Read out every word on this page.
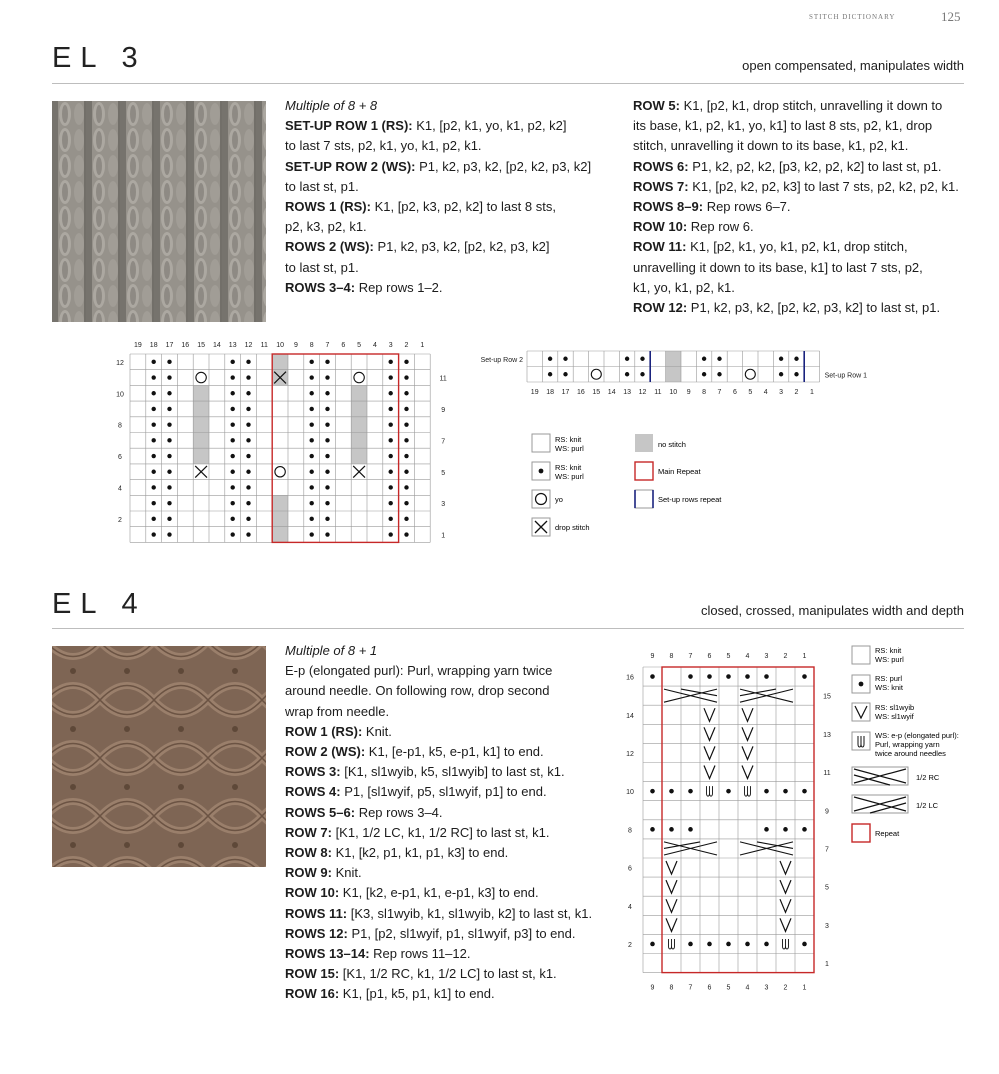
STITCH DICTIONARY	125
EL 3	open compensated, manipulates width

Multiple of 8 + 8

SET-UP ROW 1 (RS): K1, [p2, k1, yo, k1, p2, k2]

to last 7 sts, p2, k1, yo, k1, p2, k1.

SET-UP ROW 2 (WS): P1, k2, p3, k2, [p2, k2, p3, k2]

to last st, p1.

ROWS 1 (RS): K1, [p2, k3, p2, k2] to last 8 sts,

p2, k3, p2, k1.

ROWS 2 (WS): P1, k2, p3, k2, [p2, k2, p3, k2]

to last st, p1.

ROWS 3–4: Rep rows 1–2.

ROW 5: K1, [p2, k1, drop stitch, unravelling it down to

its base, k1, p2, k1, yo, k1] to last 8 sts, p2, k1, drop

stitch, unravelling it down to its base, k1, p2, k1.

ROWS 6: P1, k2, p2, k2, [p3, k2, p2, k2] to last st, p1.

ROWS 7: K1, [p2, k2, p2, k3] to last 7 sts, p2, k2, p2, k1.

ROWS 8–9: Rep rows 6–7.

ROW 10: Rep row 6.

ROW 11: K1, [p2, k1, yo, k1, p2, k1, drop stitch,

unravelling it down to its base, k1] to last 7 sts, p2,

k1, yo, k1, p2, k1.

ROW 12: P1, k2, p3, k2, [p2, k2, p3, k2] to last st, p1.

19 18 17 16 15 14 13 12 11 10 9 8 7 6 5 4 3 2 1
12
10
8
6
4
2
11
9
7
5
3
1
Set-up Row 2
Set-up Row 1
19 18 17 16 15 14 13 12 11 10 9 8 7 6 5 4 3 2 1
RS: knit
WS: purl
RS: knit
WS: purl
yo
drop stitch
no stitch
Main Repeat
Set-up rows repeat
EL 4	closed, crossed, manipulates width and depth

Multiple of 8 + 1

E-p (elongated purl): Purl, wrapping yarn twice

around needle. On following row, drop second

wrap from needle.

ROW 1 (RS): Knit.

ROW 2 (WS): K1, [e-p1, k5, e-p1, k1] to end.

ROWS 3: [K1, sl1wyib, k5, sl1wyib] to last st, k1.

ROWS 4: P1, [sl1wyif, p5, sl1wyif, p1] to end.

ROWS 5–6: Rep rows 3–4.

ROW 7: [K1, 1/2 LC, k1, 1/2 RC] to last st, k1.

ROW 8: K1, [k2, p1, k1, p1, k3] to end.

ROW 9: Knit.

ROW 10: K1, [k2, e-p1, k1, e-p1, k3] to end.

ROWS 11: [K3, sl1wyib, k1, sl1wyib, k2] to last st, k1.

ROWS 12: P1, [p2, sl1wyif, p1, sl1wyif, p3] to end.

ROWS 13–14: Rep rows 11–12.

ROW 15: [K1, 1/2 RC, k1, 1/2 LC] to last st, k1.

ROW 16: K1, [p1, k5, p1, k1] to end.

9
9
8
8
7
7
6
6
5
5
4
4
3
3
2
2
1
1
16
14
12
10
8
6
4
2
15
13
11
9
7
5
3
1
RS: knit
WS: purl
RS: purl
WS: knit
RS: sl1wyib
WS: sl1wyif
WS: e-p (elongated purl):
Purl, wrapping yarn
twice around needles
1/2 RC
1/2 LC
Repeat
